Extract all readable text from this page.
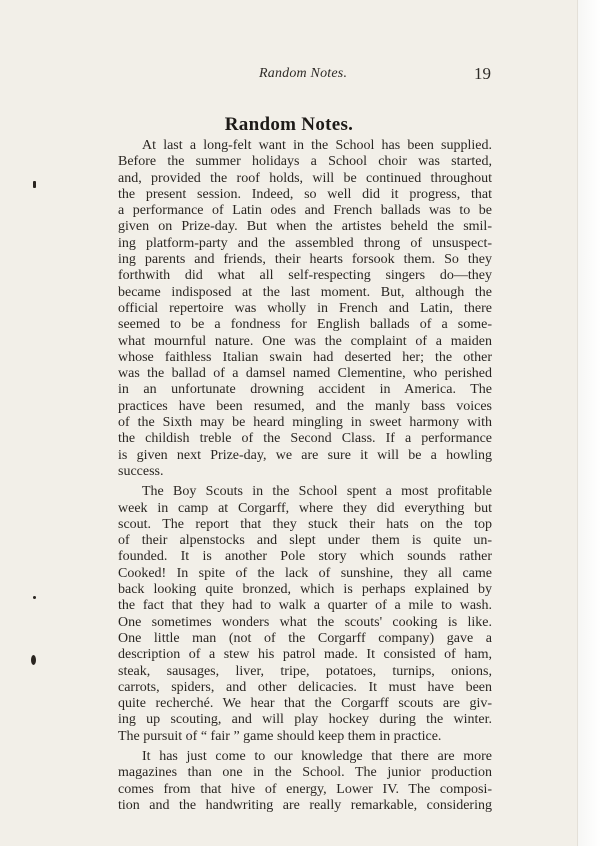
Random Notes.	19
Random Notes.
At last a long-felt want in the School has been supplied.
Before the summer holidays a School choir was started,
and, provided the roof holds, will be continued throughout
the present session. Indeed, so well did it progress, that
a performance of Latin odes and French ballads was to be
given on Prize-day. But when the artistes beheld the smil-
ing platform-party and the assembled throng of unsuspect-
ing parents and friends, their hearts forsook them. So they
forthwith did what all self-respecting singers do—they
became indisposed at the last moment. But, although the
official repertoire was wholly in French and Latin, there
seemed to be a fondness for English ballads of a some-
what mournful nature. One was the complaint of a maiden
whose faithless Italian swain had deserted her; the other
was the ballad of a damsel named Clementine, who perished
in an unfortunate drowning accident in America. The
practices have been resumed, and the manly bass voices
of the Sixth may be heard mingling in sweet harmony with
the childish treble of the Second Class. If a performance
is given next Prize-day, we are sure it will be a howling
success.
The Boy Scouts in the School spent a most profitable
week in camp at Corgarff, where they did everything but
scout. The report that they stuck their hats on the top
of their alpenstocks and slept under them is quite un-
founded. It is another Pole story which sounds rather
Cooked! In spite of the lack of sunshine, they all came
back looking quite bronzed, which is perhaps explained by
the fact that they had to walk a quarter of a mile to wash.
One sometimes wonders what the scouts' cooking is like.
One little man (not of the Corgarff company) gave a
description of a stew his patrol made. It consisted of ham,
steak, sausages, liver, tripe, potatoes, turnips, onions,
carrots, spiders, and other delicacies. It must have been
quite recherché. We hear that the Corgarff scouts are giv-
ing up scouting, and will play hockey during the winter.
The pursuit of “ fair ” game should keep them in practice.
It has just come to our knowledge that there are more
magazines than one in the School. The junior production
comes from that hive of energy, Lower IV. The composi-
tion and the handwriting are really remarkable, considering
